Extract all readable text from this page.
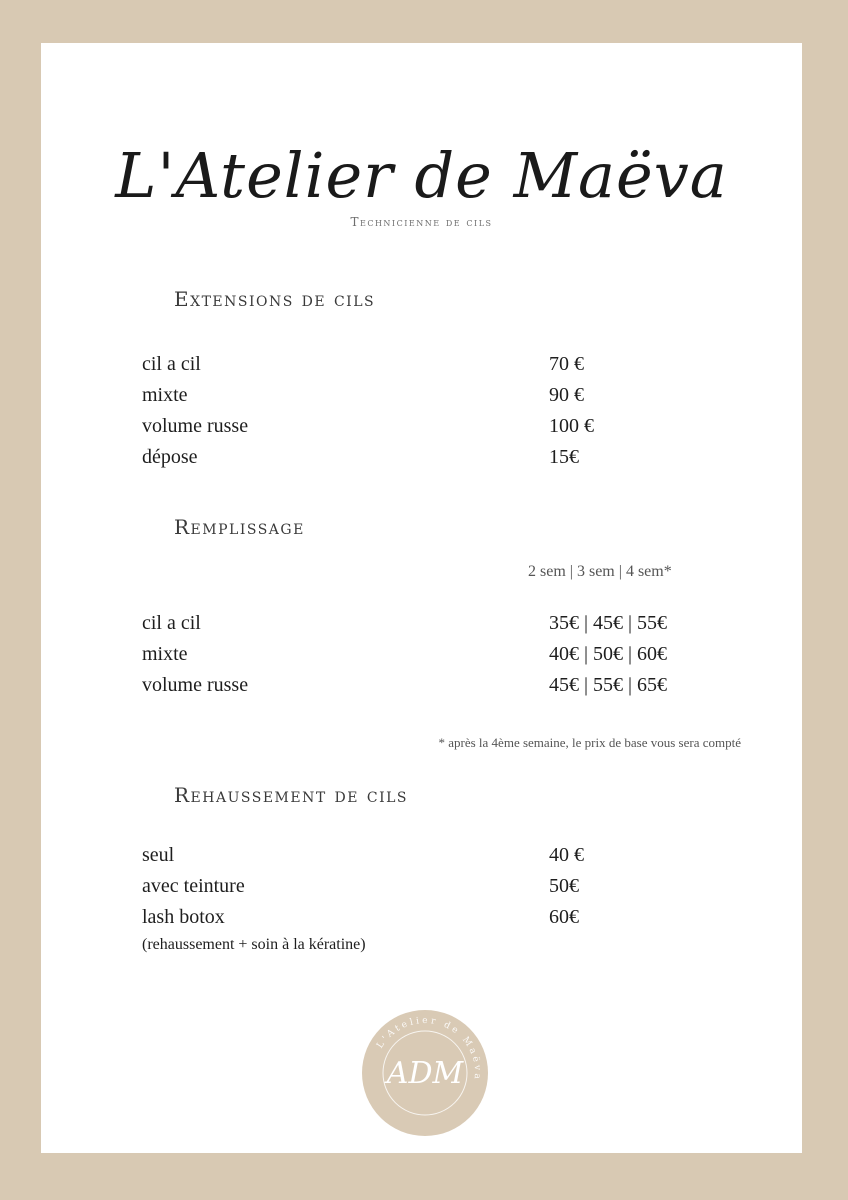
L'Atelier de Maëva
Technicienne de cils
Extensions de cils
cil a cil	70 €
mixte	90 €
volume russe	100 €
dépose	15€
Remplissage
2 sem | 3 sem | 4 sem*
cil a cil	35€ | 45€ | 55€
mixte	40€ | 50€ | 60€
volume russe	45€ | 55€ | 65€
* après la 4ème semaine, le prix de base vous sera compté
Rehaussement de cils
seul	40 €
avec teinture	50€
lash botox	60€
(rehaussement + soin à la kératine)
L'Atelier de Maëva
ADM
